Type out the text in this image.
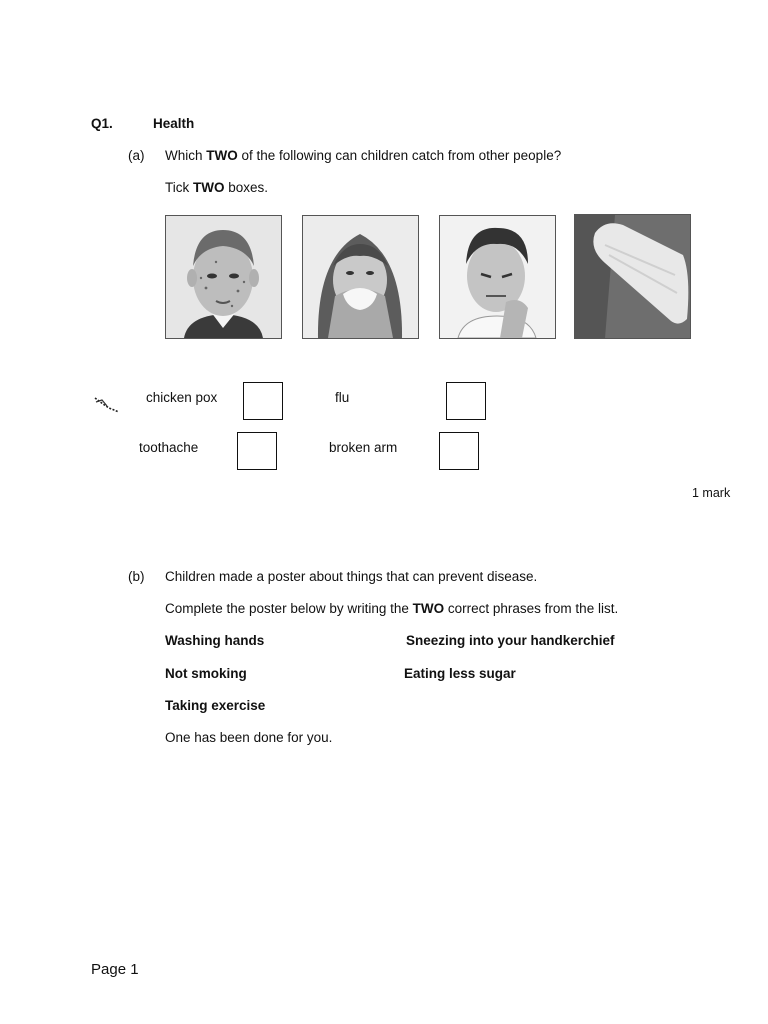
Q1.	Health
(a) Which TWO of the following can children catch from other people?
Tick TWO boxes.
chicken pox	flu
toothache	broken arm
1 mark
(b) Children made a poster about things that can prevent disease.
Complete the poster below by writing the TWO correct phrases from the list.
Washing hands	Sneezing into your handkerchief
Not smoking	Eating less sugar
Taking exercise
One has been done for you.
Page 1
